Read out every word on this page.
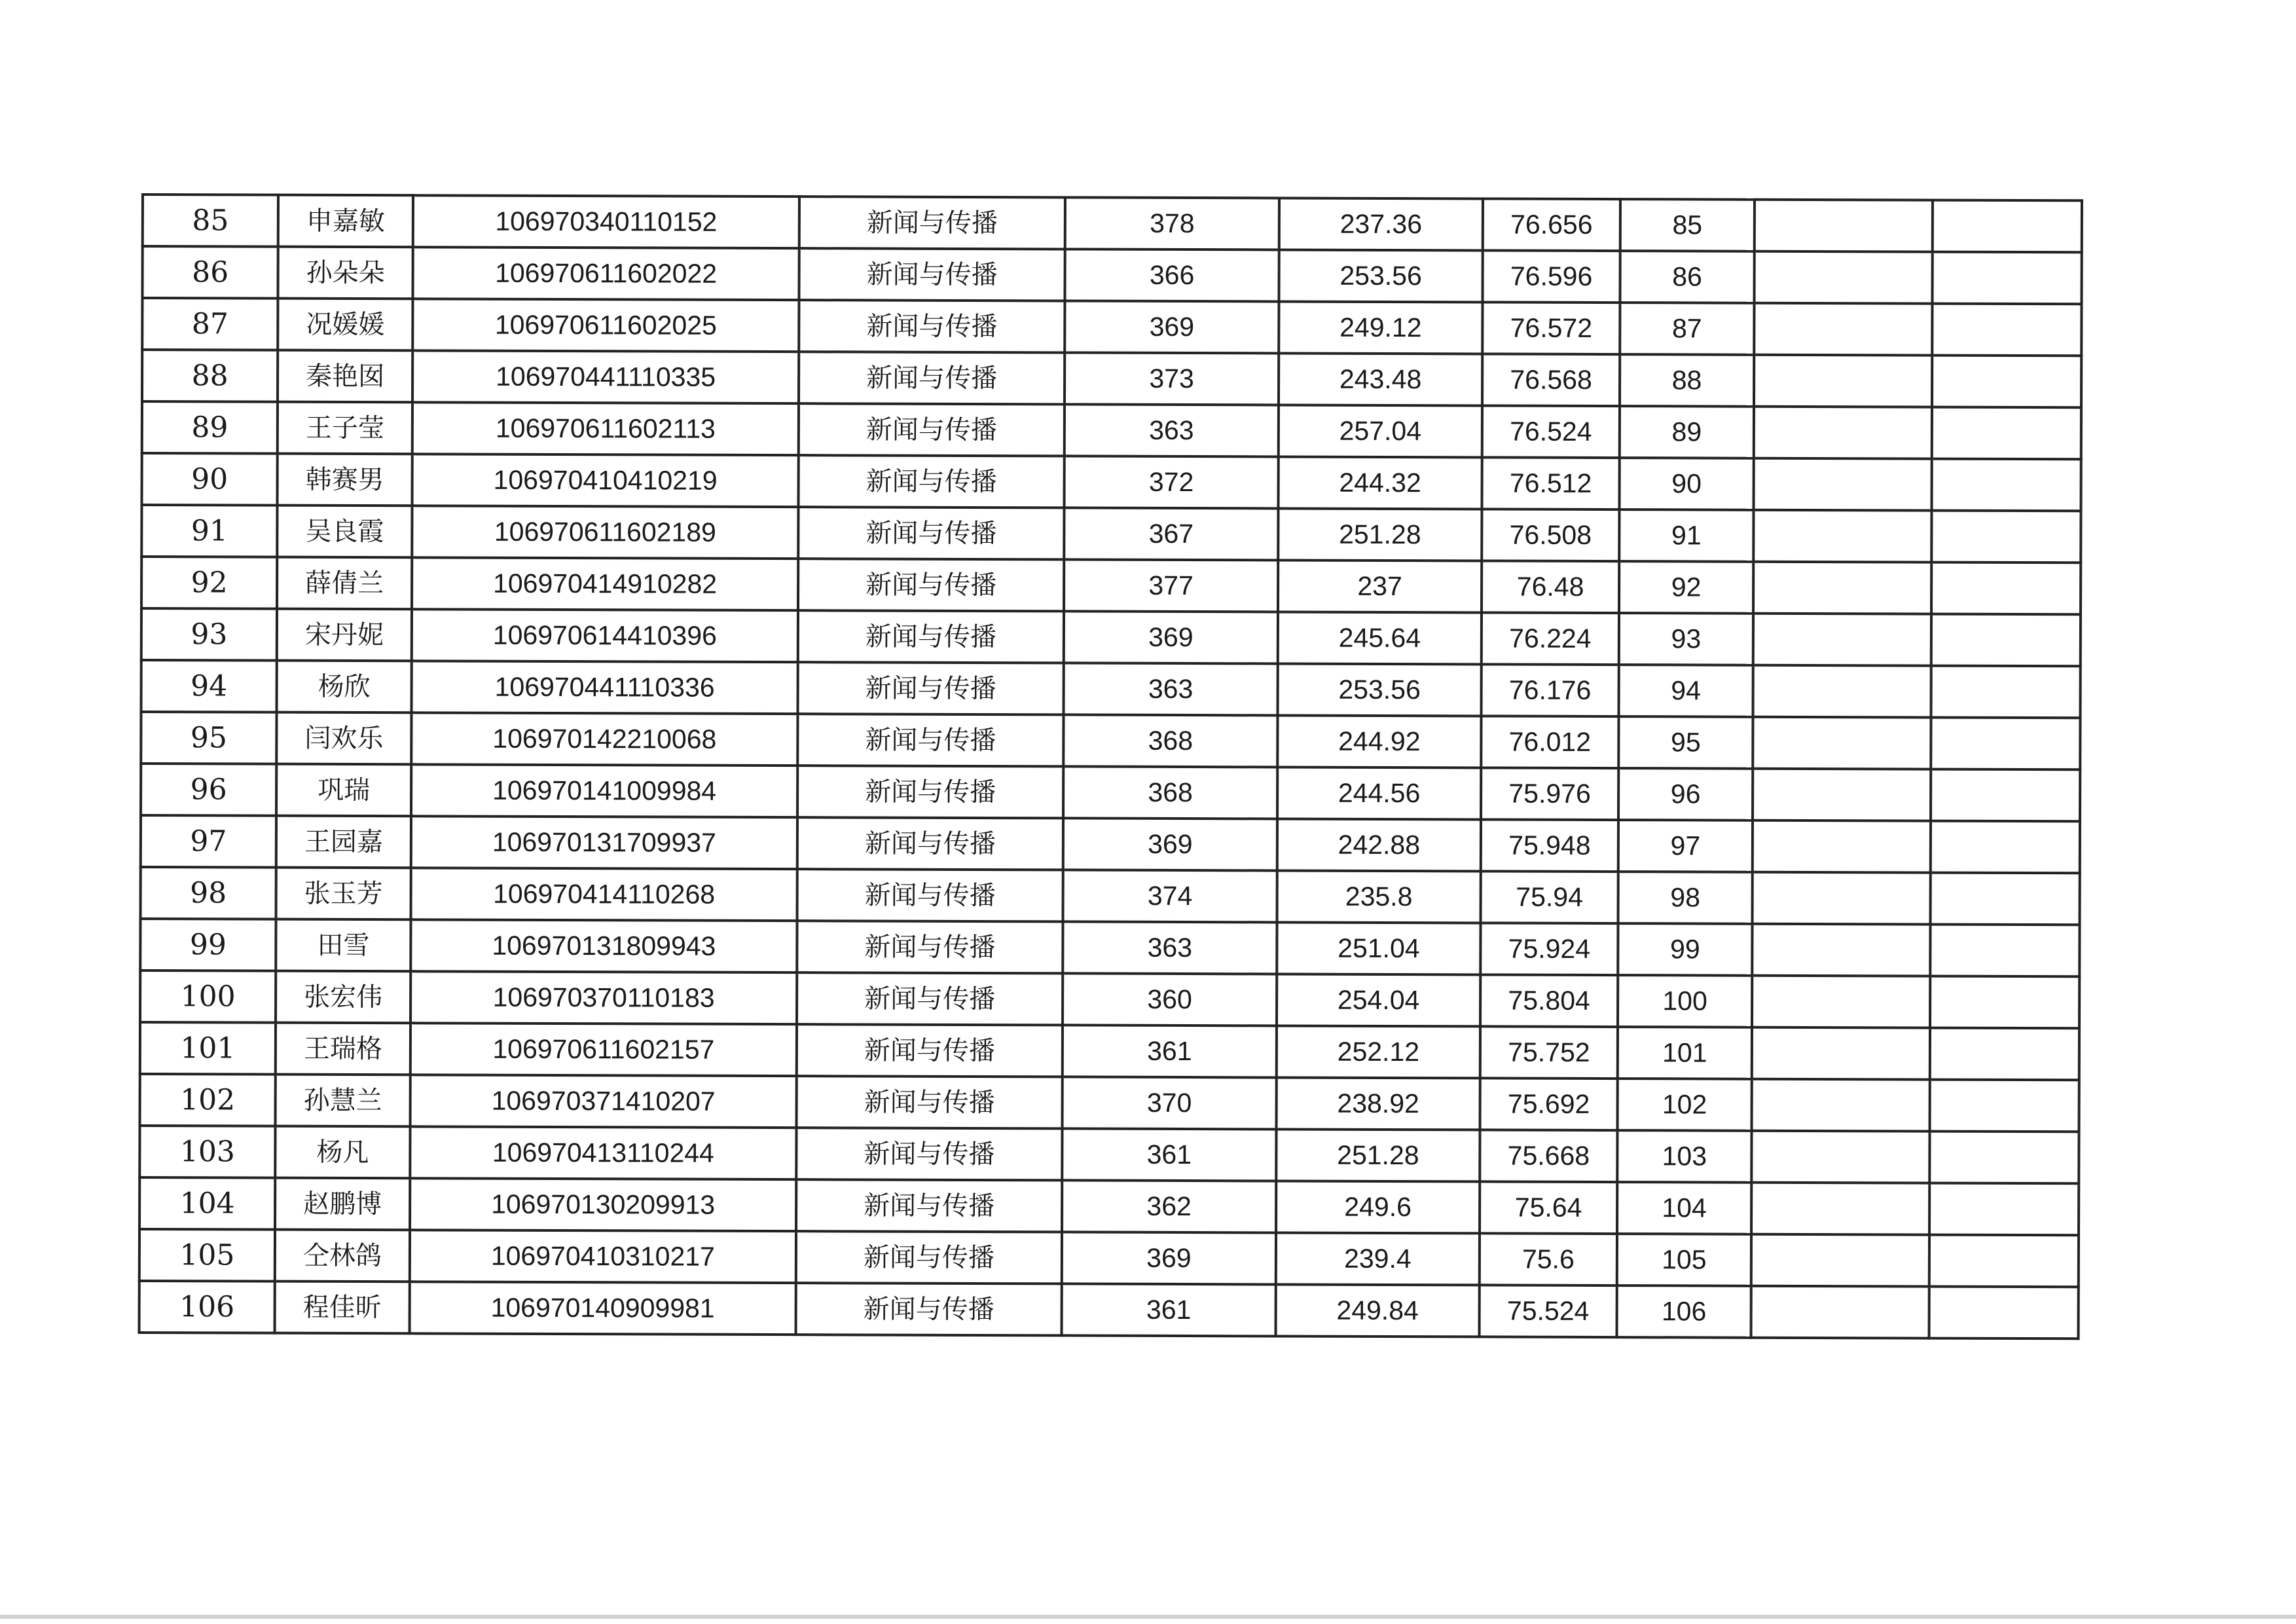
85	申嘉敏	106970340110152	新闻与传播	378	237.36	76.656	85		
86	孙朵朵	106970611602022	新闻与传播	366	253.56	76.596	86		
87	况媛媛	106970611602025	新闻与传播	369	249.12	76.572	87		
88	秦艳囡	106970441110335	新闻与传播	373	243.48	76.568	88		
89	王子莹	106970611602113	新闻与传播	363	257.04	76.524	89		
90	韩赛男	106970410410219	新闻与传播	372	244.32	76.512	90		
91	吴良霞	106970611602189	新闻与传播	367	251.28	76.508	91		
92	薛倩兰	106970414910282	新闻与传播	377	237	76.48	92		
93	宋丹妮	106970614410396	新闻与传播	369	245.64	76.224	93		
94	杨欣	106970441110336	新闻与传播	363	253.56	76.176	94		
95	闫欢乐	106970142210068	新闻与传播	368	244.92	76.012	95		
96	巩瑞	106970141009984	新闻与传播	368	244.56	75.976	96		
97	王园嘉	106970131709937	新闻与传播	369	242.88	75.948	97		
98	张玉芳	106970414110268	新闻与传播	374	235.8	75.94	98		
99	田雪	106970131809943	新闻与传播	363	251.04	75.924	99		
100	张宏伟	106970370110183	新闻与传播	360	254.04	75.804	100		
101	王瑞格	106970611602157	新闻与传播	361	252.12	75.752	101		
102	孙慧兰	106970371410207	新闻与传播	370	238.92	75.692	102		
103	杨凡	106970413110244	新闻与传播	361	251.28	75.668	103		
104	赵鹏博	106970130209913	新闻与传播	362	249.6	75.64	104		
105	仝林鸽	106970410310217	新闻与传播	369	239.4	75.6	105		
106	程佳昕	106970140909981	新闻与传播	361	249.84	75.524	106		
